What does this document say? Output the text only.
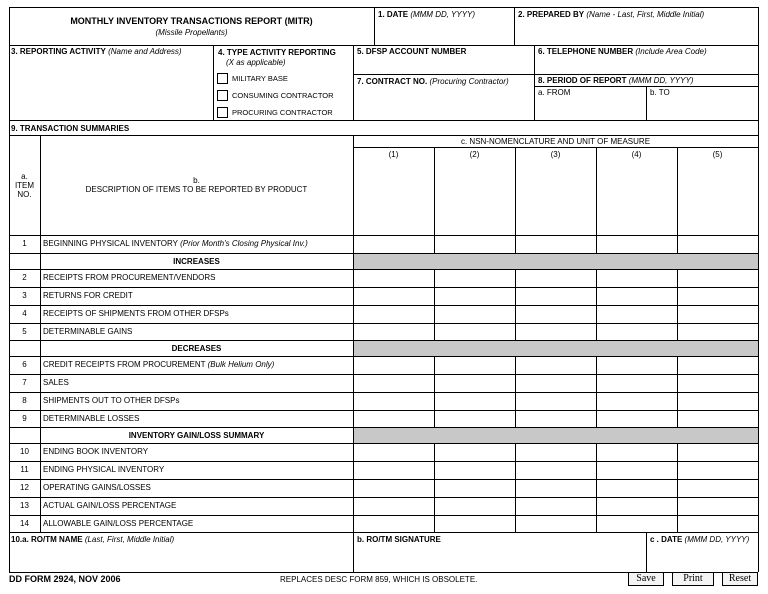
MONTHLY INVENTORY TRANSACTIONS REPORT (MITR)
(Missile Propellants)
1. DATE (MMM DD, YYYY)	2. PREPARED BY (Name - Last, First, Middle Initial)
3. REPORTING ACTIVITY (Name and Address)	4. TYPE ACTIVITY REPORTING
(X as applicable)
MILITARY BASE
CONSUMING CONTRACTOR
PROCURING CONTRACTOR
5. DFSP ACCOUNT NUMBER	6. TELEPHONE NUMBER (Include Area Code)
7. CONTRACT NO. (Procuring Contractor)	8. PERIOD OF REPORT (MMM DD, YYYY)
a. FROM	b. TO
9. TRANSACTION SUMMARIES
c. NSN-NOMENCLATURE AND UNIT OF MEASURE
a.
ITEM
NO.
b.
DESCRIPTION OF ITEMS TO BE REPORTED BY PRODUCT
(1)	(2)	(3)	(4)	(5)
1	BEGINNING PHYSICAL INVENTORY (Prior Month's Closing Physical Inv.)
INCREASES
2	RECEIPTS FROM PROCUREMENT/VENDORS
3	RETURNS FOR CREDIT
4	RECEIPTS OF SHIPMENTS FROM OTHER DFSPs
5	DETERMINABLE GAINS
DECREASES
6	CREDIT RECEIPTS FROM PROCUREMENT (Bulk Helium Only)
7	SALES
8	SHIPMENTS OUT TO OTHER DFSPs
9	DETERMINABLE LOSSES
INVENTORY GAIN/LOSS SUMMARY
10	ENDING BOOK INVENTORY
11	ENDING PHYSICAL INVENTORY
12	OPERATING GAINS/LOSSES
13	ACTUAL GAIN/LOSS PERCENTAGE
14	ALLOWABLE GAIN/LOSS PERCENTAGE
10.a. RO/TM NAME (Last, First, Middle Initial)	b. RO/TM SIGNATURE	c . DATE (MMM DD, YYYY)
DD FORM 2924, NOV 2006	REPLACES DESC FORM 859, WHICH IS OBSOLETE.	Save	Print	Reset
